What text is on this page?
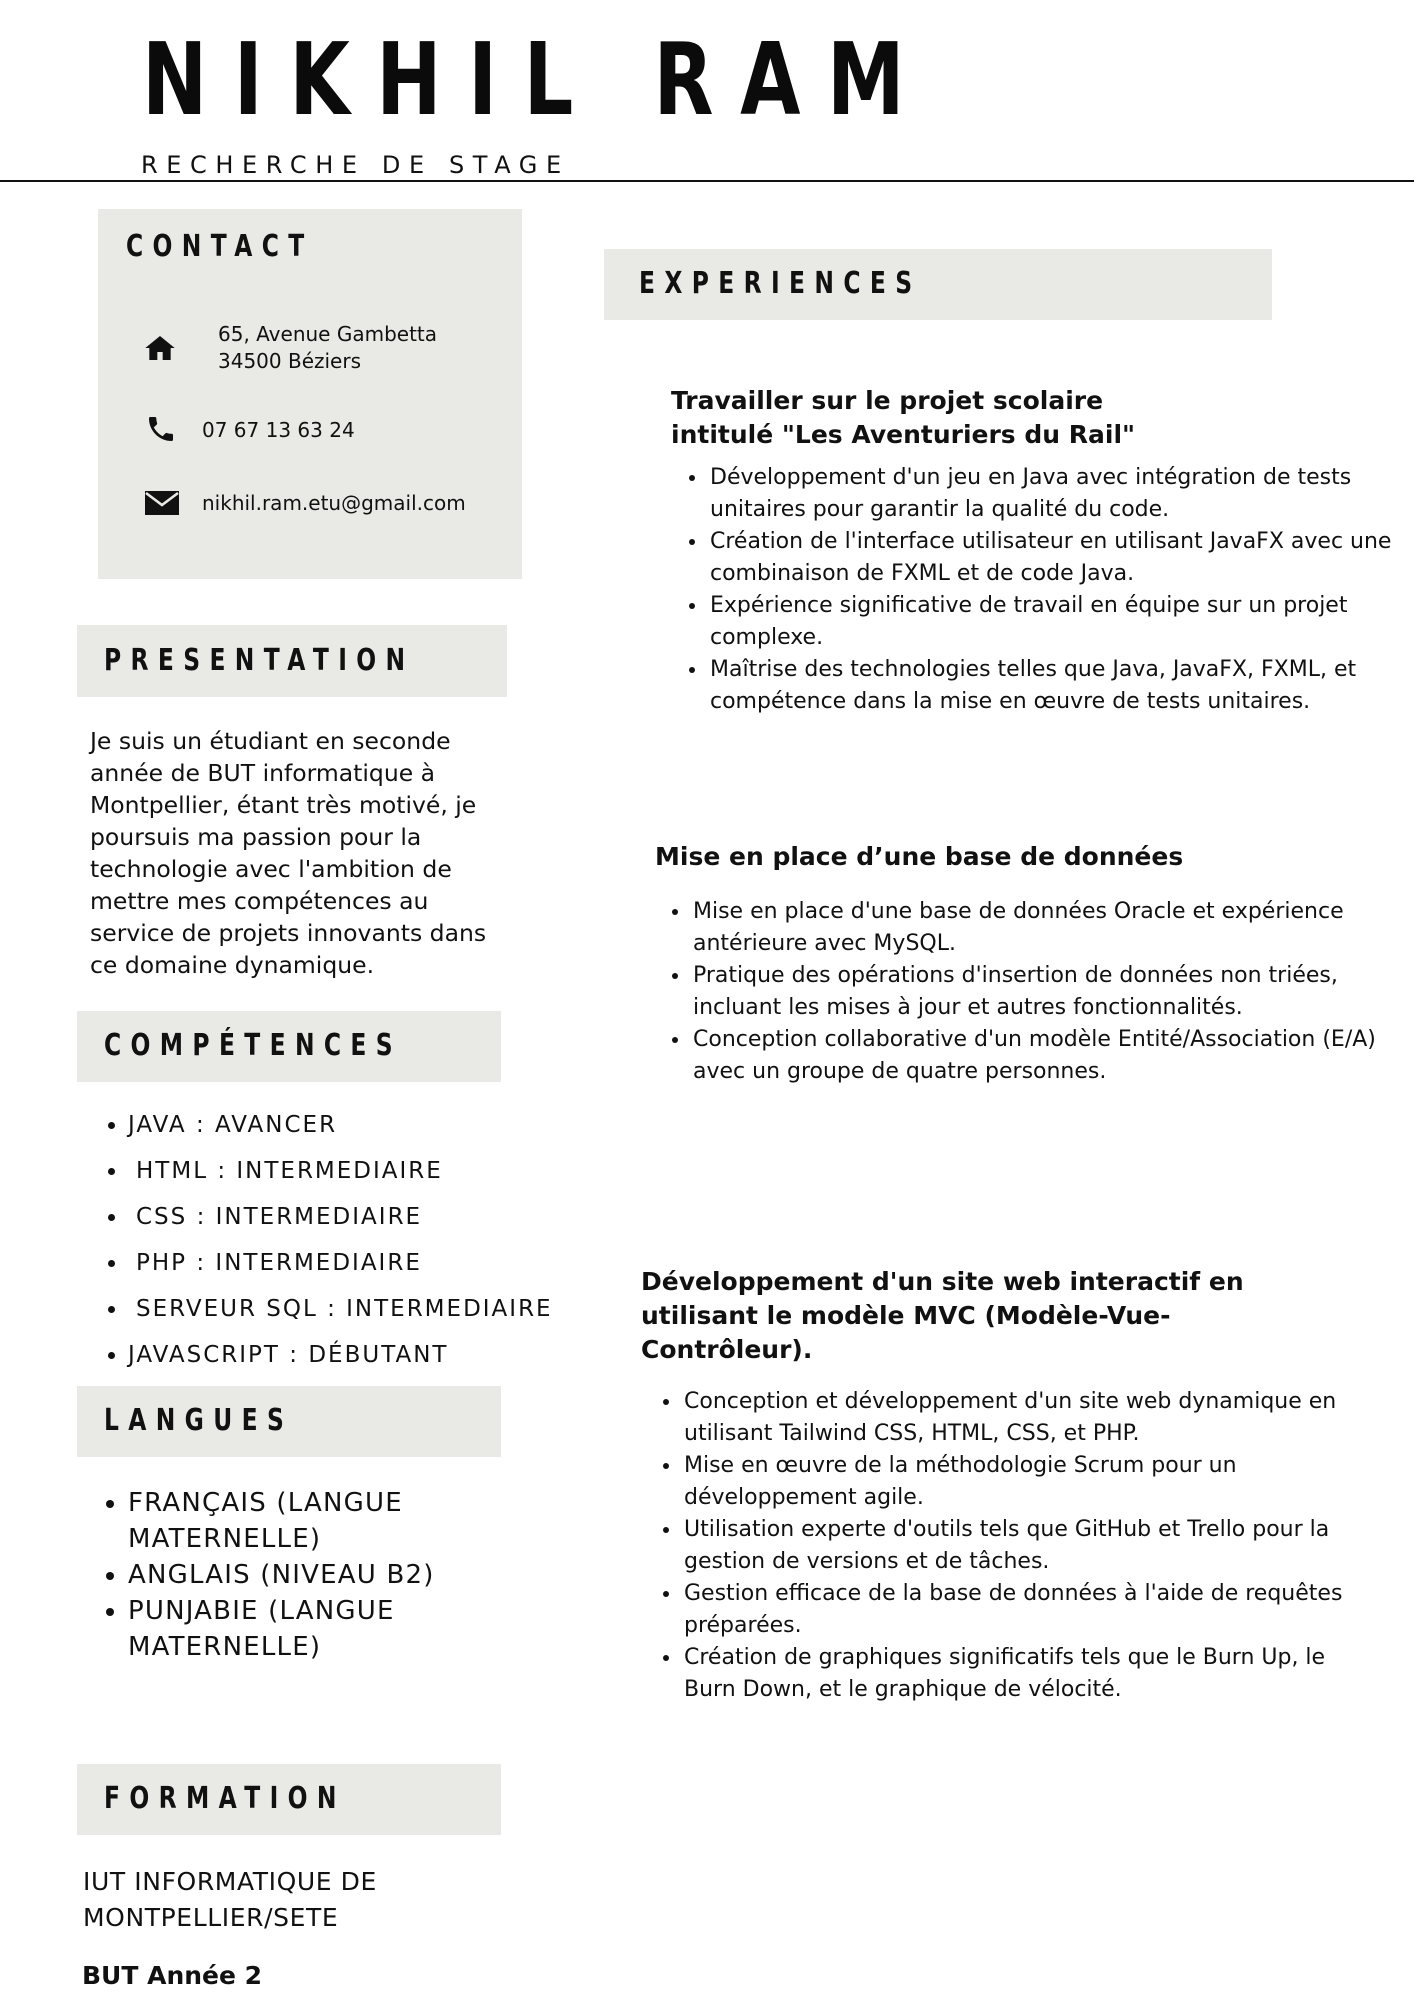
NIKHIL RAM
RECHERCHE DE STAGE
CONTACT
65, Avenue Gambetta
34500 Béziers
07 67 13 63 24
nikhil.ram.etu@gmail.com
PRESENTATION
Je suis un étudiant en seconde année de BUT informatique à Montpellier, étant très motivé, je poursuis ma passion pour la technologie avec l'ambition de mettre mes compétences au service de projets innovants dans ce domaine dynamique.
COMPÉTENCES
• JAVA : AVANCER
• HTML : INTERMEDIAIRE
• CSS : INTERMEDIAIRE
• PHP : INTERMEDIAIRE
• SERVEUR SQL : INTERMEDIAIRE
• JAVASCRIPT : DÉBUTANT
LANGUES
• FRANÇAIS (LANGUE MATERNELLE)
• ANGLAIS (NIVEAU B2)
• PUNJABIE (LANGUE MATERNELLE)
FORMATION
IUT INFORMATIQUE DE MONTPELLIER/SETE
BUT Année 2
EXPERIENCES
Travailler sur le projet scolaire intitulé "Les Aventuriers du Rail"
• Développement d'un jeu en Java avec intégration de tests unitaires pour garantir la qualité du code.
• Création de l'interface utilisateur en utilisant JavaFX avec une combinaison de FXML et de code Java.
• Expérience significative de travail en équipe sur un projet complexe.
• Maîtrise des technologies telles que Java, JavaFX, FXML, et compétence dans la mise en œuvre de tests unitaires.
Mise en place d’une base de données
• Mise en place d'une base de données Oracle et expérience antérieure avec MySQL.
• Pratique des opérations d'insertion de données non triées, incluant les mises à jour et autres fonctionnalités.
• Conception collaborative d'un modèle Entité/Association (E/A) avec un groupe de quatre personnes.
Développement d'un site web interactif en utilisant le modèle MVC (Modèle-Vue-Contrôleur).
• Conception et développement d'un site web dynamique en utilisant Tailwind CSS, HTML, CSS, et PHP.
• Mise en œuvre de la méthodologie Scrum pour un développement agile.
• Utilisation experte d'outils tels que GitHub et Trello pour la gestion de versions et de tâches.
• Gestion efficace de la base de données à l'aide de requêtes préparées.
• Création de graphiques significatifs tels que le Burn Up, le Burn Down, et le graphique de vélocité.
